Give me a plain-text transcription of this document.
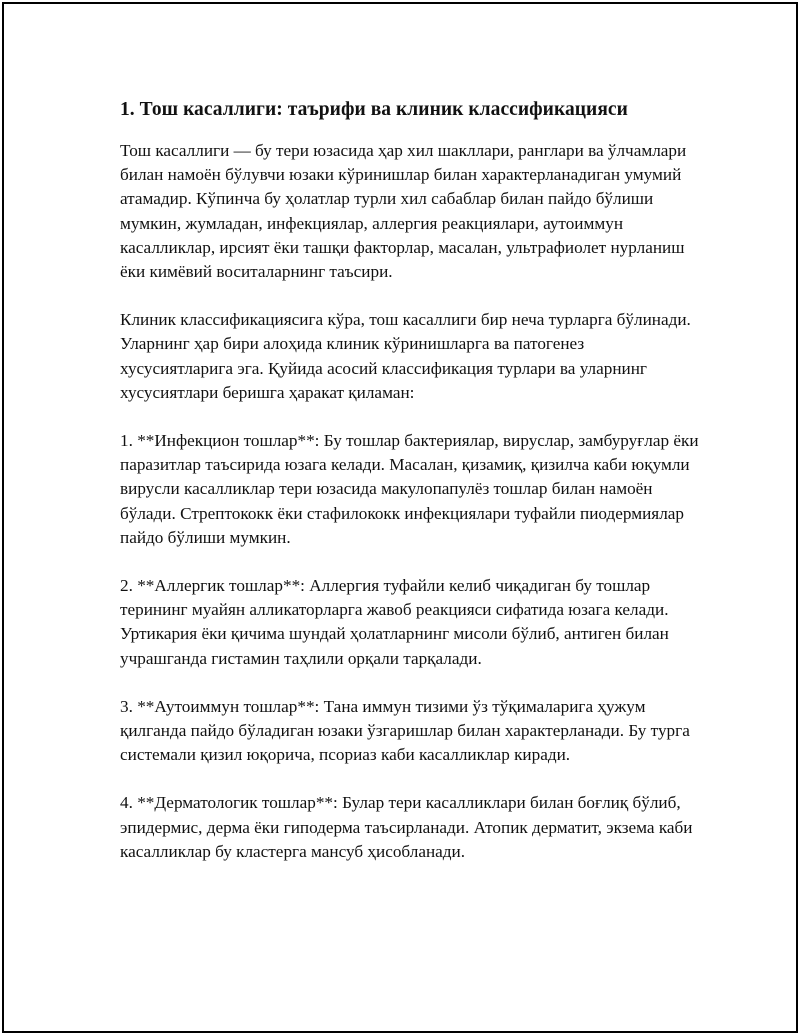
1. Тош касаллиги: таърифи ва клиник классификацияси

Тош касаллиги — бу тери юзасида ҳар хил шакллари, ранглари ва ўлчамлари билан намоён бўлувчи юзаки кўринишлар билан характерланадиган умумий атамадир. Кўпинча бу ҳолатлар турли хил сабаблар билан пайдо бўлиши мумкин, жумладан, инфекциялар, аллергия реакциялари, аутоиммун касалликлар, ирсият ёки ташқи факторлар, масалан, ультрафиолет нурланиш ёки кимёвий воситаларнинг таъсири.

Клиник классификациясига кўра, тош касаллиги бир неча турларга бўлинади. Уларнинг ҳар бири алоҳида клиник кўринишларга ва патогенез хусусиятларига эга. Қуйида асосий классификация турлари ва уларнинг хусусиятлари беришга ҳаракат қиламан:

1. **Инфекцион тошлар**: Бу тошлар бактериялар, вируслар, замбуруғлар ёки паразитлар таъсирида юзага келади. Масалан, қизамиқ, қизилча каби юқумли вирусли касалликлар тери юзасида макулопапулёз тошлар билан намоён бўлади. Стрептококк ёки стафилококк инфекциялари туфайли пиодермиялар пайдо бўлиши мумкин.

2. **Аллергик тошлар**: Аллергия туфайли келиб чиқадиган бу тошлар терининг муайян алликаторларга жавоб реакцияси сифатида юзага келади. Уртикария ёки қичима шундай ҳолатларнинг мисоли бўлиб, антиген билан учрашганда гистамин таҳлили орқали тарқалади.

3. **Аутоиммун тошлар**: Тана иммун тизими ўз тўқималарига ҳужум қилганда пайдо бўладиган юзаки ўзгаришлар билан характерланади. Бу турга системали қизил юқоричa, псориаз каби касалликлар киради.

4. **Дерматологик тошлар**: Булар тери касалликлари билан боғлиқ бўлиб, эпидермис, дерма ёки гиподерма таъсирланади. Атопик дерматит, экзема каби касалликлар бу кластерга мансуб ҳисобланади.
